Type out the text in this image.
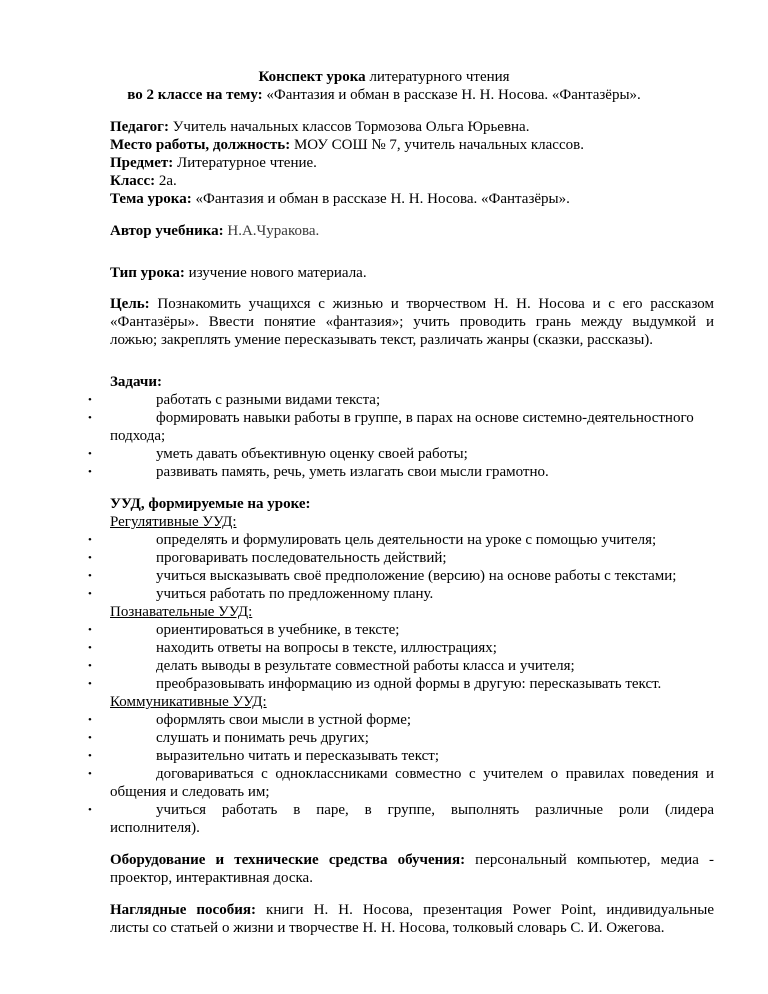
Конспект урока литературного чтения
во 2 классе на тему: «Фантазия и обман в рассказе Н. Н. Носова. «Фантазёры».
Педагог: Учитель начальных классов Тормозова Ольга Юрьевна.
Место работы, должность: МОУ СОШ № 7, учитель начальных классов.
Предмет: Литературное чтение.
Класс: 2а.
Тема урока: «Фантазия и обман в рассказе Н. Н. Носова. «Фантазёры».
Автор учебника: Н.А.Чуракова.
Тип урока: изучение нового материала.
Цель: Познакомить учащихся с жизнью и творчеством Н. Н. Носова и с его рассказом
«Фантазёры». Ввести понятие «фантазия»; учить проводить грань между выдумкой и
ложью; закреплять умение пересказывать текст, различать жанры (сказки, рассказы).
Задачи:
•	работать с разными видами текста;
•	формировать навыки работы в группе, в парах на основе системно-деятельностного
подхода;
•	уметь давать объективную оценку своей работы;
•	развивать память, речь, уметь излагать свои мысли грамотно.
УУД, формируемые на уроке:
Регулятивные УУД:
•	определять и формулировать цель деятельности на уроке с помощью учителя;
•	проговаривать последовательность действий;
•	учиться высказывать своё предположение (версию) на основе работы с текстами;
•	учиться работать по предложенному плану.
Познавательные УУД:
•	ориентироваться в учебнике, в тексте;
•	находить ответы на вопросы в тексте, иллюстрациях;
•	делать выводы в результате совместной работы класса и учителя;
•	преобразовывать информацию из одной формы в другую: пересказывать текст.
Коммуникативные УУД:
•	оформлять свои мысли в устной форме;
•	слушать и понимать речь других;
•	выразительно читать и пересказывать текст;
•	договариваться с одноклассниками совместно с учителем о правилах поведения и
общения и следовать им;
•	учиться работать в паре, в группе, выполнять различные роли (лидера
исполнителя).
Оборудование и технические средства обучения: персональный компьютер, медиа -
проектор, интерактивная доска.
Наглядные пособия: книги Н. Н. Носова, презентация Power Point, индивидуальные
листы со статьей о жизни и творчестве Н. Н. Носова, толковый словарь С. И. Ожегова.
